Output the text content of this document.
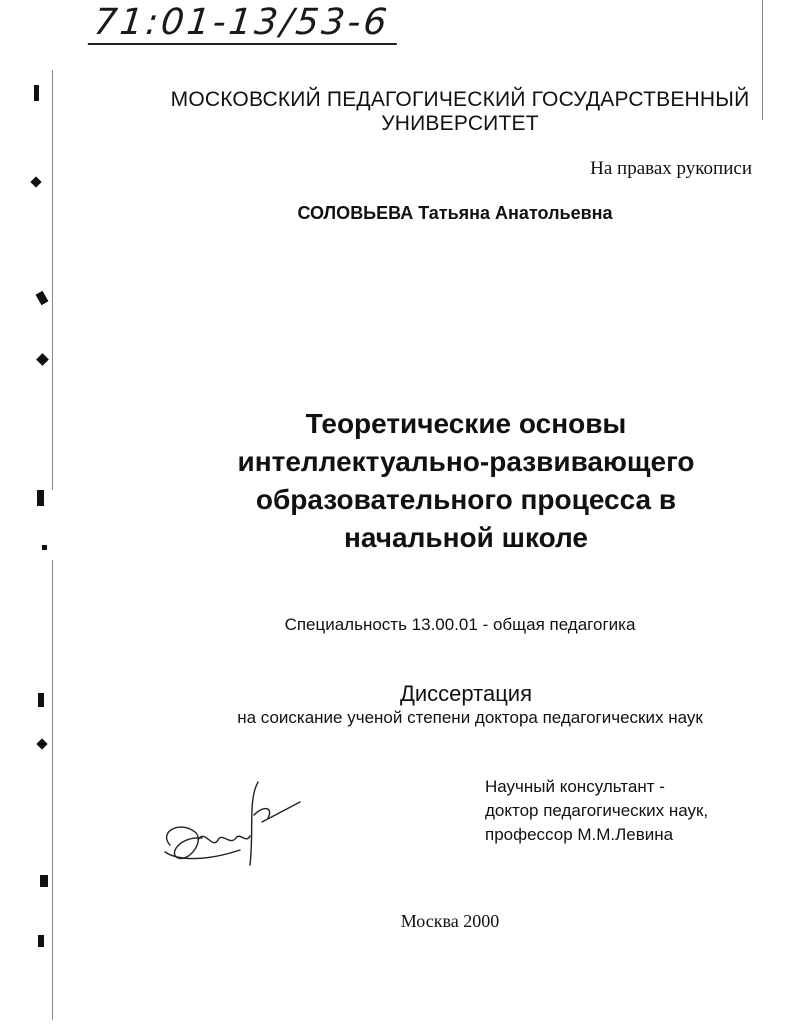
71:01-13/53-6
МОСКОВСКИЙ ПЕДАГОГИЧЕСКИЙ ГОСУДАРСТВЕННЫЙ
УНИВЕРСИТЕТ
На правах рукописи
СОЛОВЬЕВА Татьяна Анатольевна
Теоретические основы
интеллектуально-развивающего
образовательного процесса в
начальной школе
Специальность 13.00.01 - общая педагогика
Диссертация
на соискание ученой степени доктора педагогических наук
Научный консультант -
доктор педагогических наук,
профессор М.М.Левина
Москва 2000
